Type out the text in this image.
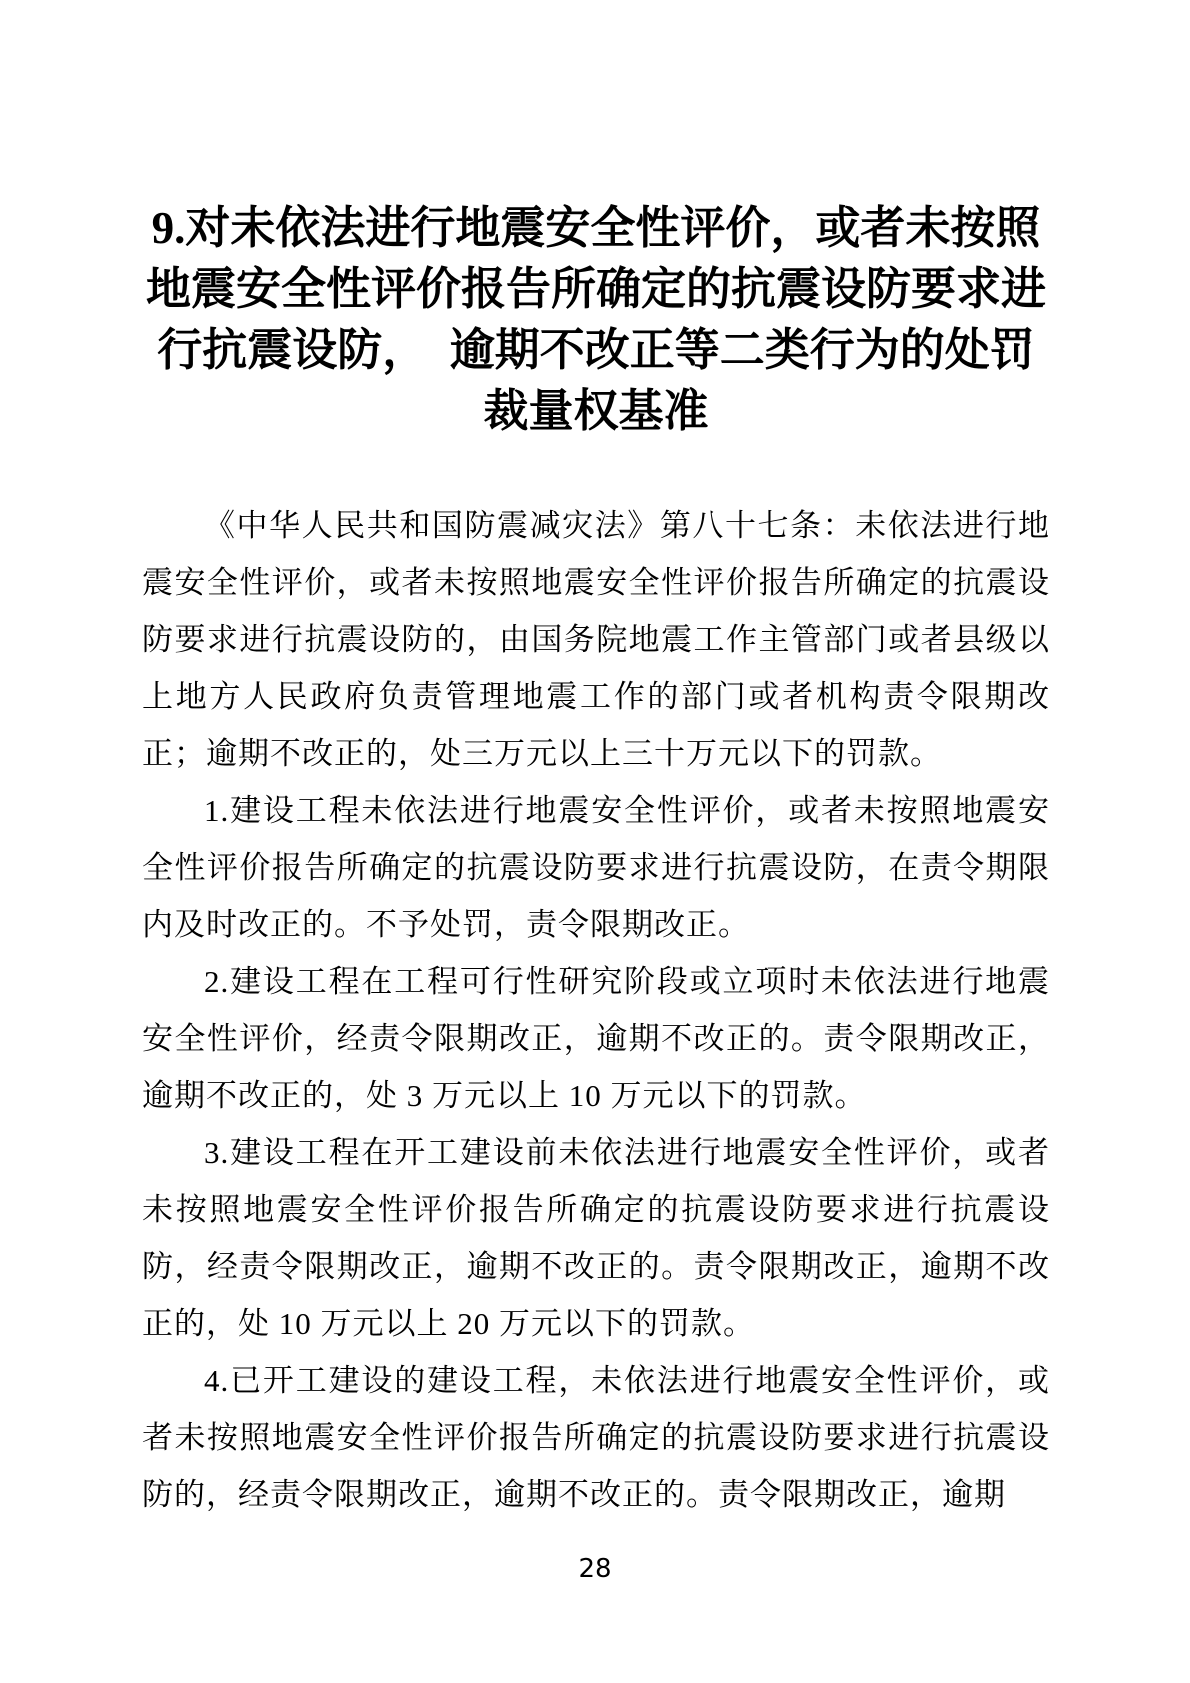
9.对未依法进行地震安全性评价，或者未按照地震安全性评价报告所确定的抗震设防要求进行抗震设防，　逾期不改正等二类行为的处罚裁量权基准

《中华人民共和国防震减灾法》第八十七条：未依法进行地震安全性评价，或者未按照地震安全性评价报告所确定的抗震设防要求进行抗震设防的，由国务院地震工作主管部门或者县级以上地方人民政府负责管理地震工作的部门或者机构责令限期改正；逾期不改正的，处三万元以上三十万元以下的罚款。

1.建设工程未依法进行地震安全性评价，或者未按照地震安全性评价报告所确定的抗震设防要求进行抗震设防，在责令期限内及时改正的。不予处罚，责令限期改正。

2.建设工程在工程可行性研究阶段或立项时未依法进行地震安全性评价，经责令限期改正，逾期不改正的。责令限期改正，逾期不改正的，处 3 万元以上 10 万元以下的罚款。

3.建设工程在开工建设前未依法进行地震安全性评价，或者未按照地震安全性评价报告所确定的抗震设防要求进行抗震设防，经责令限期改正，逾期不改正的。责令限期改正，逾期不改正的，处 10 万元以上 20 万元以下的罚款。

4.已开工建设的建设工程，未依法进行地震安全性评价，或者未按照地震安全性评价报告所确定的抗震设防要求进行抗震设防的，经责令限期改正，逾期不改正的。责令限期改正，逾期

28
